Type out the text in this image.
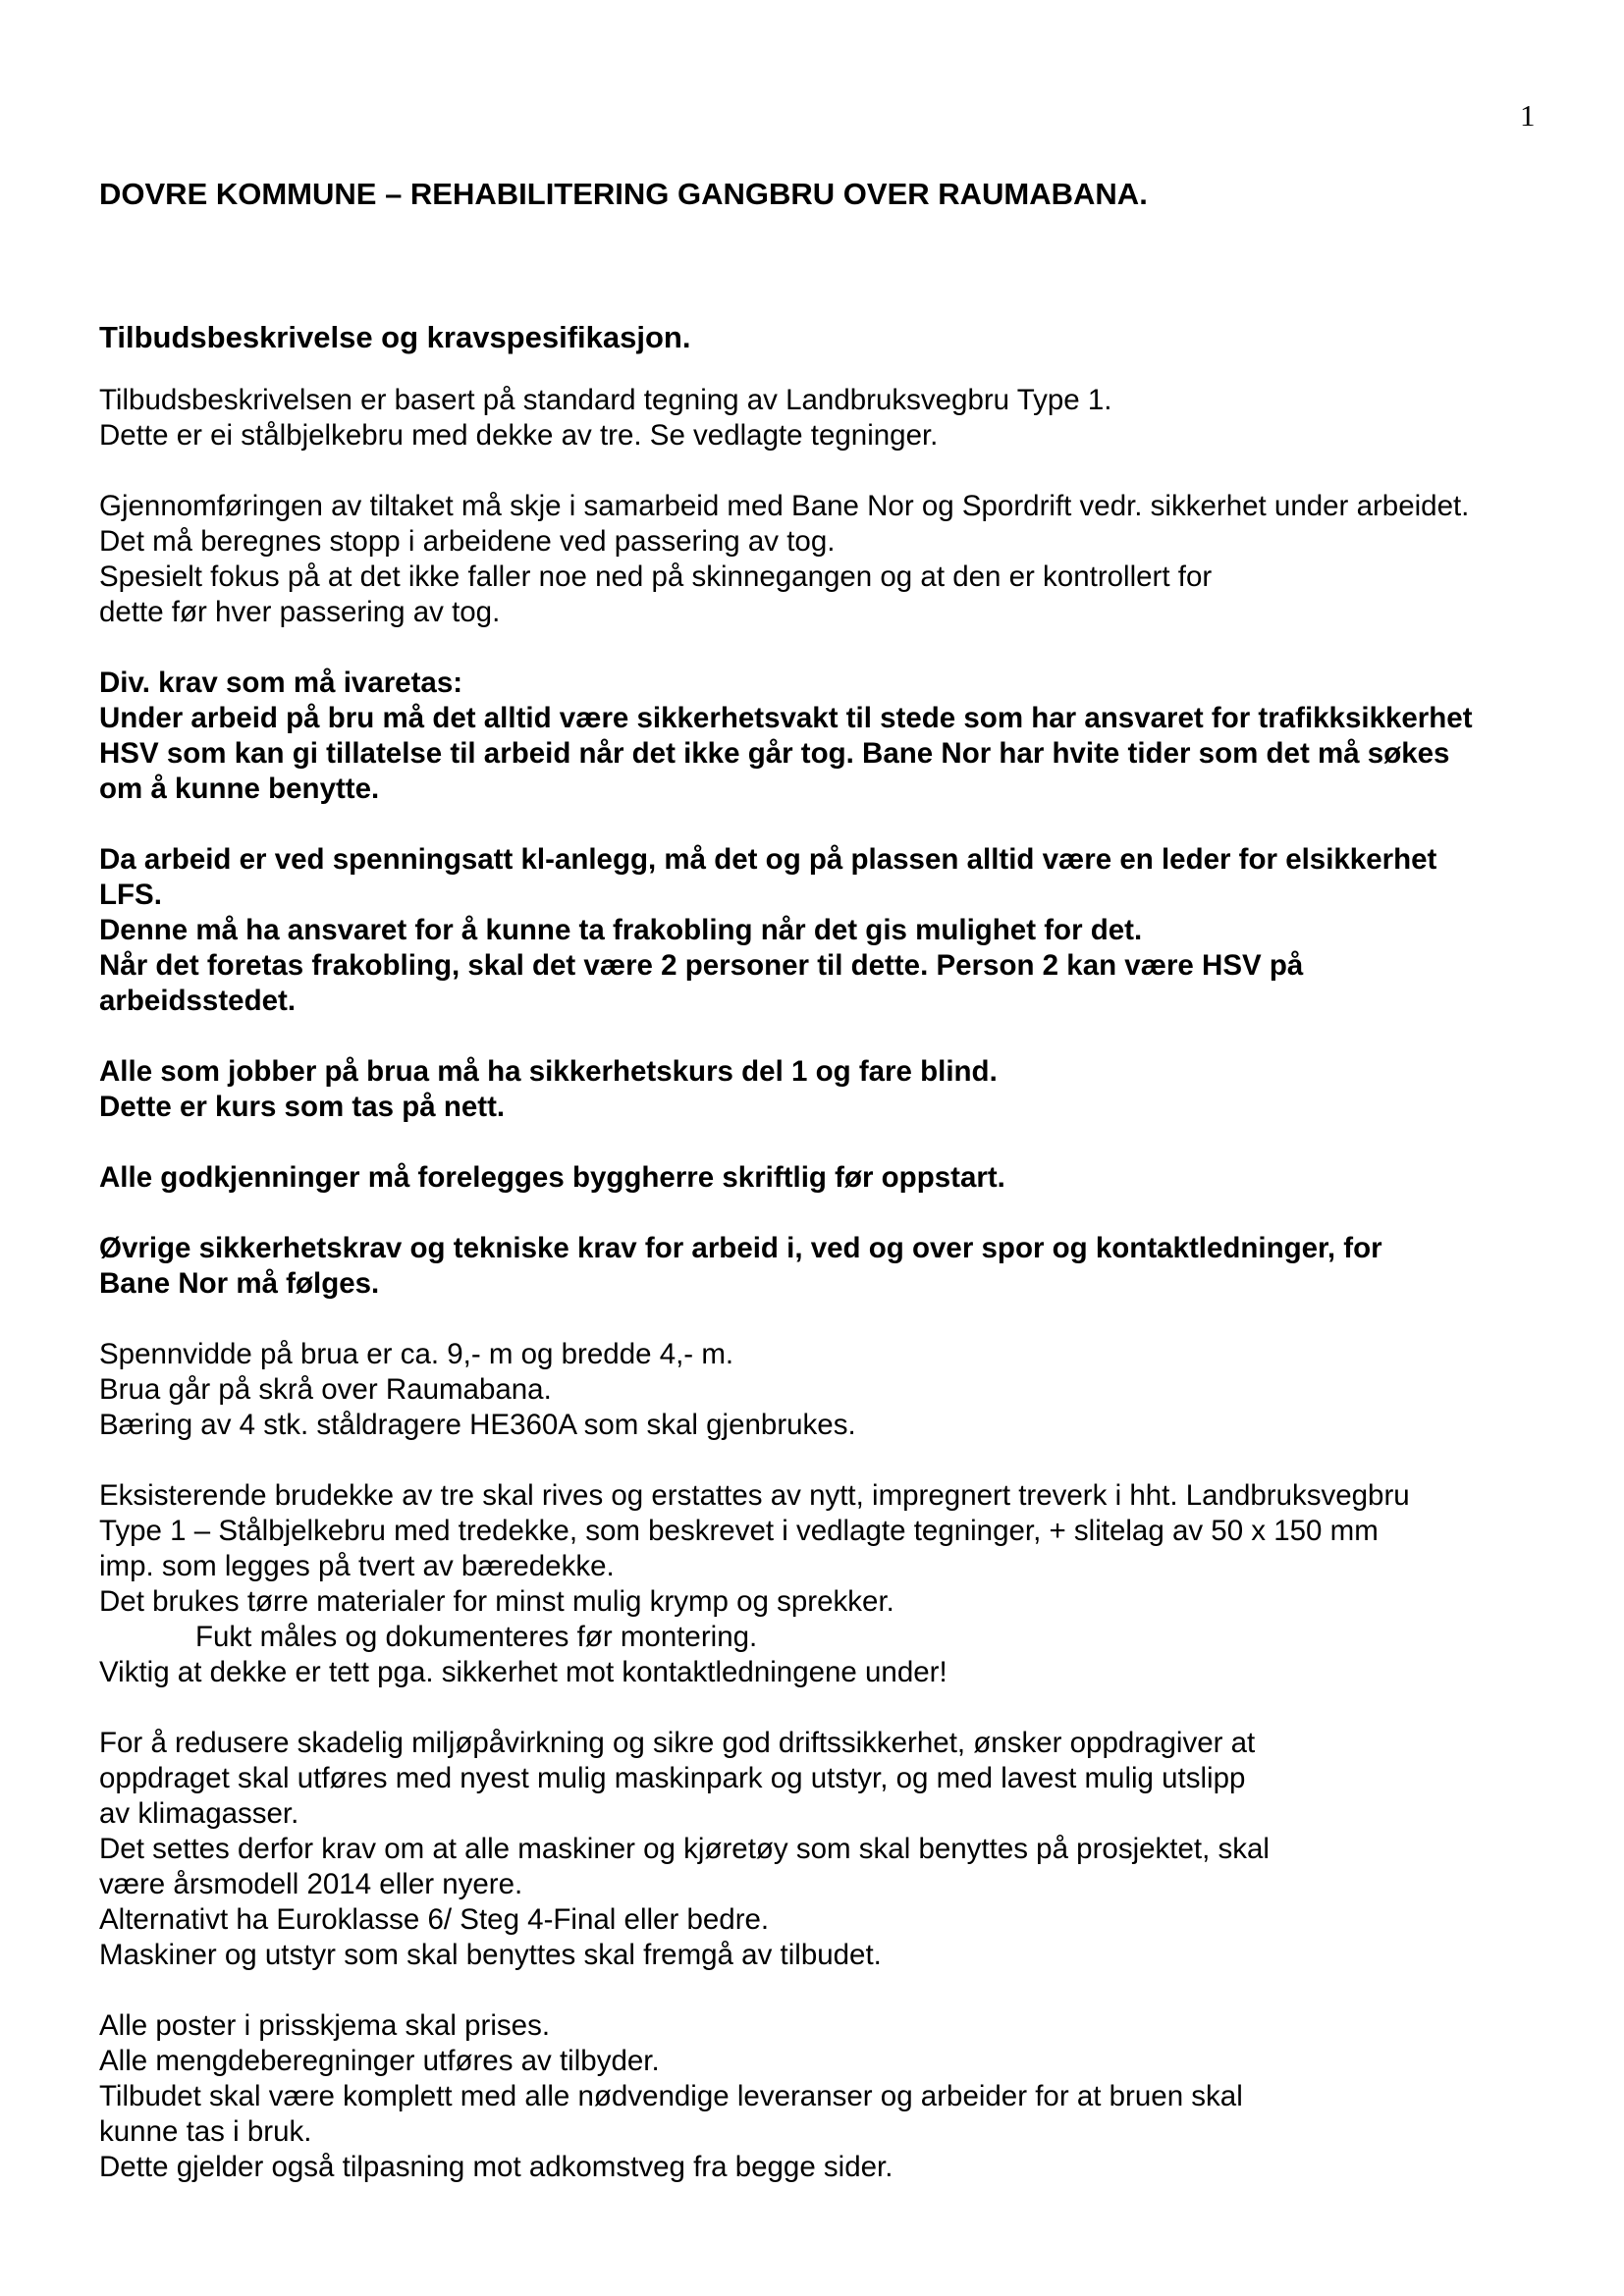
1
DOVRE KOMMUNE – REHABILITERING GANGBRU OVER RAUMABANA.
Tilbudsbeskrivelse og kravspesifikasjon.

Tilbudsbeskrivelsen er basert på standard tegning av Landbruksvegbru Type 1.

Dette er ei stålbjelkebru med dekke av tre. Se vedlagte tegninger.

Gjennomføringen av tiltaket må skje i samarbeid med Bane Nor og Spordrift vedr. sikkerhet under arbeidet.

Det må beregnes stopp i arbeidene ved passering av tog.

Spesielt fokus på at det ikke faller noe ned på skinnegangen og at den er kontrollert for

dette før hver passering av tog.

Div. krav som må ivaretas:

Under arbeid på bru må det alltid være sikkerhetsvakt til stede som har ansvaret for trafikksikkerhet

HSV som kan gi tillatelse til arbeid når det ikke går tog. Bane Nor har hvite tider som det må søkes

om å kunne benytte.

Da arbeid er ved spenningsatt kl-anlegg, må det og på plassen alltid være en leder for elsikkerhet

LFS.

Denne må ha ansvaret for å kunne ta frakobling når det gis mulighet for det.

Når det foretas frakobling, skal det være 2 personer til dette. Person 2 kan være HSV på

arbeidsstedet.

Alle som jobber på brua må ha sikkerhetskurs del 1 og fare blind.

Dette er kurs som tas på nett.

Alle godkjenninger må forelegges byggherre skriftlig før oppstart.

Øvrige sikkerhetskrav og tekniske krav for arbeid i, ved og over spor og kontaktledninger, for

Bane Nor må følges.

Spennvidde på brua er ca. 9,- m og bredde 4,- m.

Brua går på skrå over Raumabana.

Bæring av 4 stk. ståldragere HE360A som skal gjenbrukes.

Eksisterende brudekke av tre skal rives og erstattes av nytt, impregnert treverk i hht. Landbruksvegbru

Type 1 – Stålbjelkebru med tredekke, som beskrevet i vedlagte tegninger, + slitelag av 50 x 150 mm

imp. som legges på tvert av bæredekke.

Det brukes tørre materialer for minst mulig krymp og sprekker.

Fukt måles og dokumenteres før montering.

Viktig at dekke er tett pga. sikkerhet mot kontaktledningene under!

For å redusere skadelig miljøpåvirkning og sikre god driftssikkerhet, ønsker oppdragiver at

oppdraget skal utføres med nyest mulig maskinpark og utstyr, og med lavest mulig utslipp

av klimagasser.

Det settes derfor krav om at alle maskiner og kjøretøy som skal benyttes på prosjektet, skal

være årsmodell 2014 eller nyere.

Alternativt ha Euroklasse 6/ Steg 4-Final eller bedre.

Maskiner og utstyr som skal benyttes skal fremgå av tilbudet.

Alle poster i prisskjema skal prises.

Alle mengdeberegninger utføres av tilbyder.

Tilbudet skal være komplett med alle nødvendige leveranser og arbeider for at bruen skal

kunne tas i bruk.

Dette gjelder også tilpasning mot adkomstveg fra begge sider.
